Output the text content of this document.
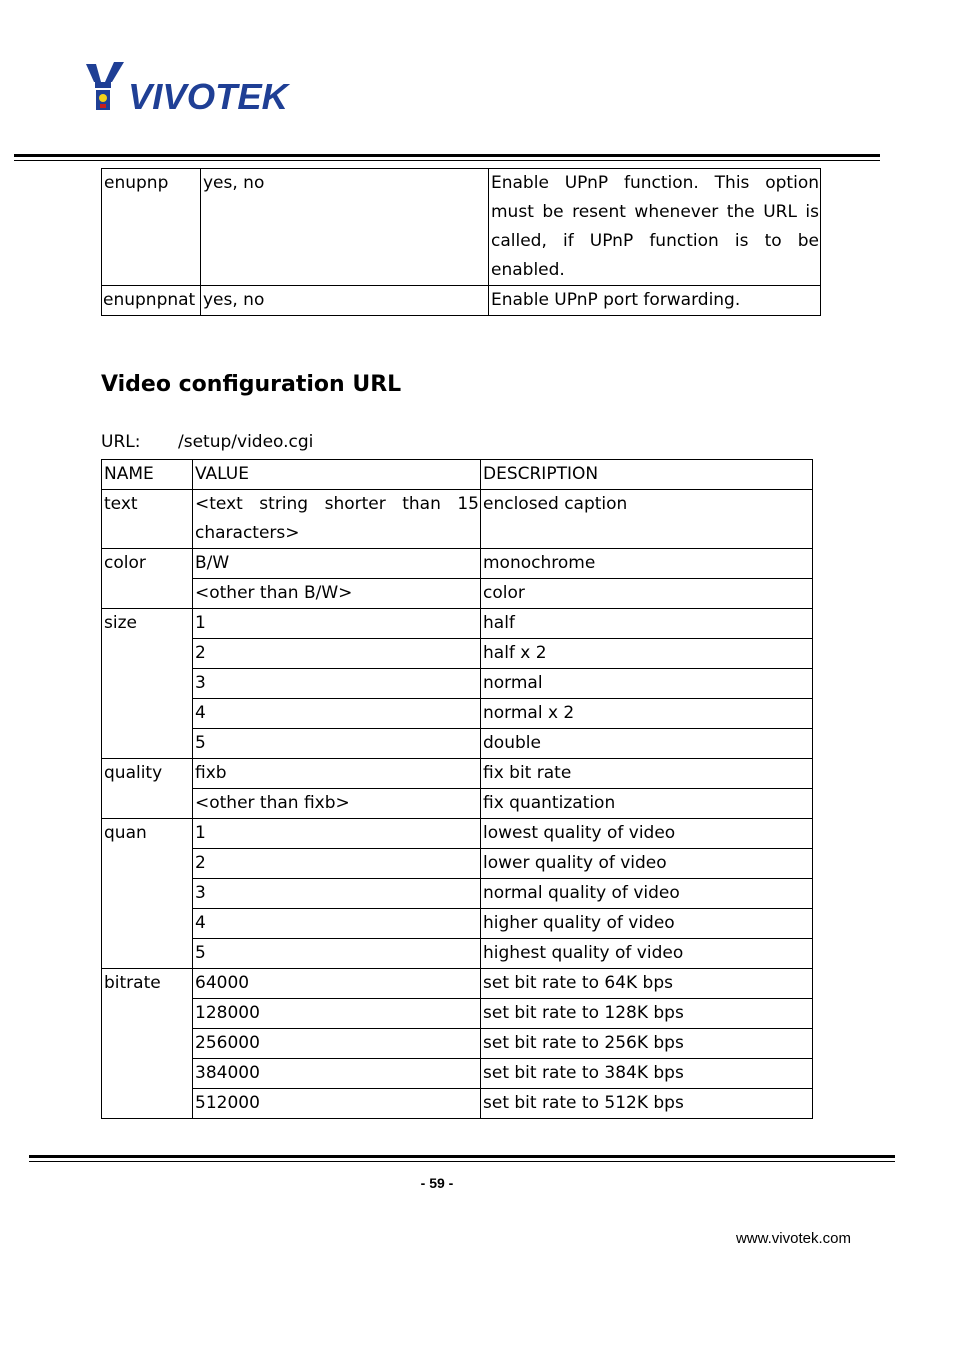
VIVOTEK
enupnp	yes, no	Enable UPnP function. This option must be resent whenever the URL is called, if UPnP function is to be enabled.
enupnpnat	yes, no	Enable UPnP port forwarding.
Video configuration URL
URL: /setup/video.cgi
NAME	VALUE	DESCRIPTION
text	<text string shorter than 15 characters>	enclosed caption
color	B/W	monochrome
	<other than B/W>	color
size	1	half
	2	half x 2
	3	normal
	4	normal x 2
	5	double
quality	fixb	fix bit rate
	<other than fixb>	fix quantization
quan	1	lowest quality of video
	2	lower quality of video
	3	normal quality of video
	4	higher quality of video
	5	highest quality of video
bitrate	64000	set bit rate to 64K bps
	128000	set bit rate to 128K bps
	256000	set bit rate to 256K bps
	384000	set bit rate to 384K bps
	512000	set bit rate to 512K bps
- 59 -
www.vivotek.com
